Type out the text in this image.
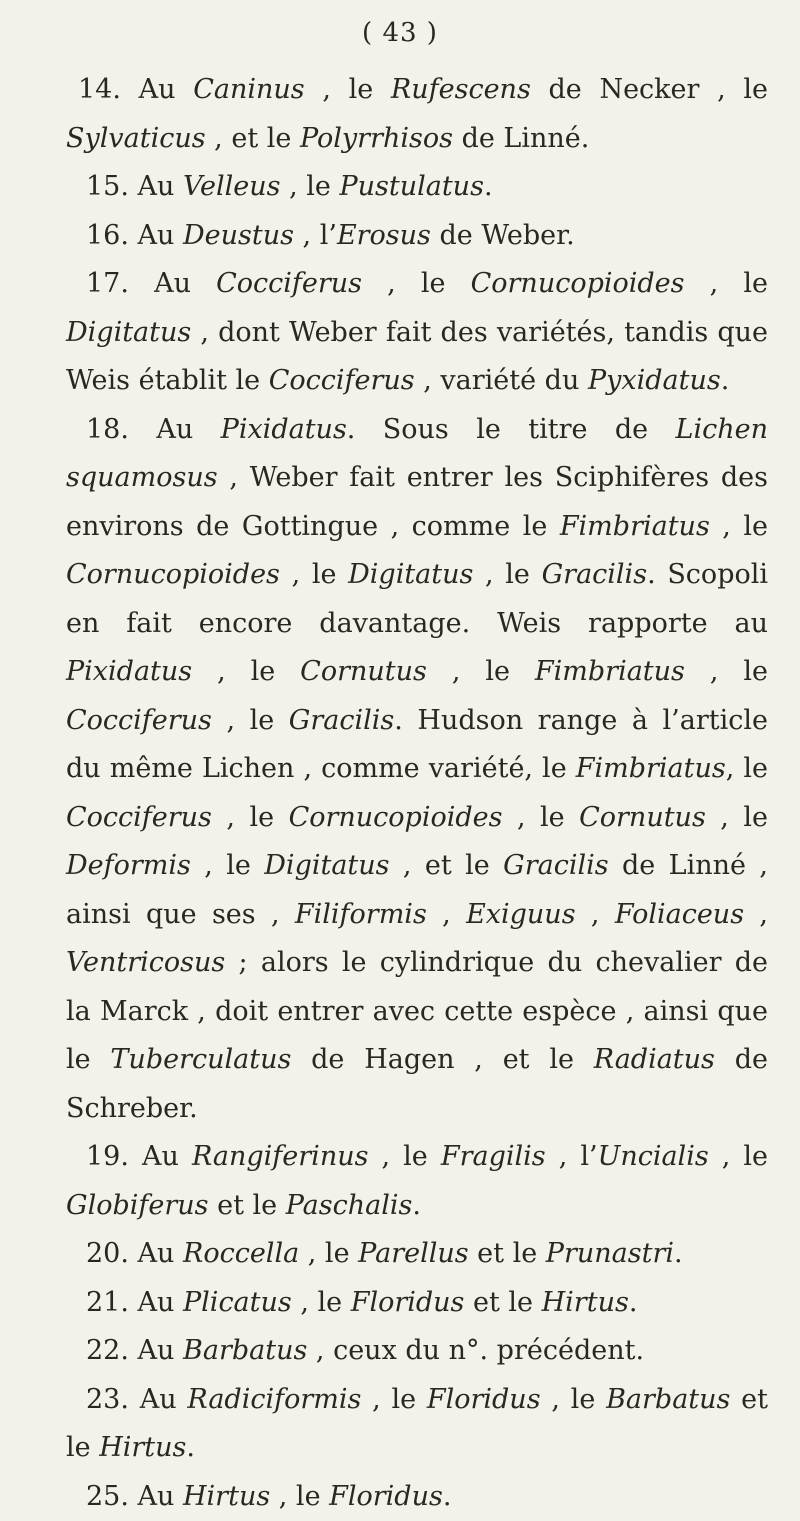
( 43 )

14. Au Caninus , le Rufescens de Necker , le Sylvaticus , et le Polyrrhisos de Linné.

15. Au Velleus , le Pustulatus.

16. Au Deustus , l’Erosus de Weber.

17. Au Cocciferus , le Cornucopioides , le Digitatus , dont Weber fait des variétés, tandis que Weis établit le Cocciferus , variété du Pyxidatus.

18. Au Pixidatus. Sous le titre de Lichen squamosus , Weber fait entrer les Sciphifères des environs de Gottingue , comme le Fimbriatus , le Cornucopioides , le Digitatus , le Gracilis. Scopoli en fait encore davantage. Weis rapporte au Pixidatus , le Cornutus , le Fimbriatus , le Cocciferus , le Gracilis. Hudson range à l’article du même Lichen , comme variété, le Fimbriatus, le Cocciferus , le Cornucopioides , le Cornutus , le Deformis , le Digitatus , et le Gracilis de Linné , ainsi que ses , Filiformis , Exiguus , Foliaceus , Ventricosus ; alors le cylindrique du chevalier de la Marck , doit entrer avec cette espèce , ainsi que le Tuberculatus de Hagen , et le Radiatus de Schreber.

19. Au Rangiferinus , le Fragilis , l’Uncialis , le Globiferus et le Paschalis.

20. Au Roccella , le Parellus et le Prunastri.

21. Au Plicatus , le Floridus et le Hirtus.

22. Au Barbatus , ceux du n°. précédent.

23. Au Radiciformis , le Floridus , le Barbatus et le Hirtus.

25. Au Hirtus , le Floridus.
